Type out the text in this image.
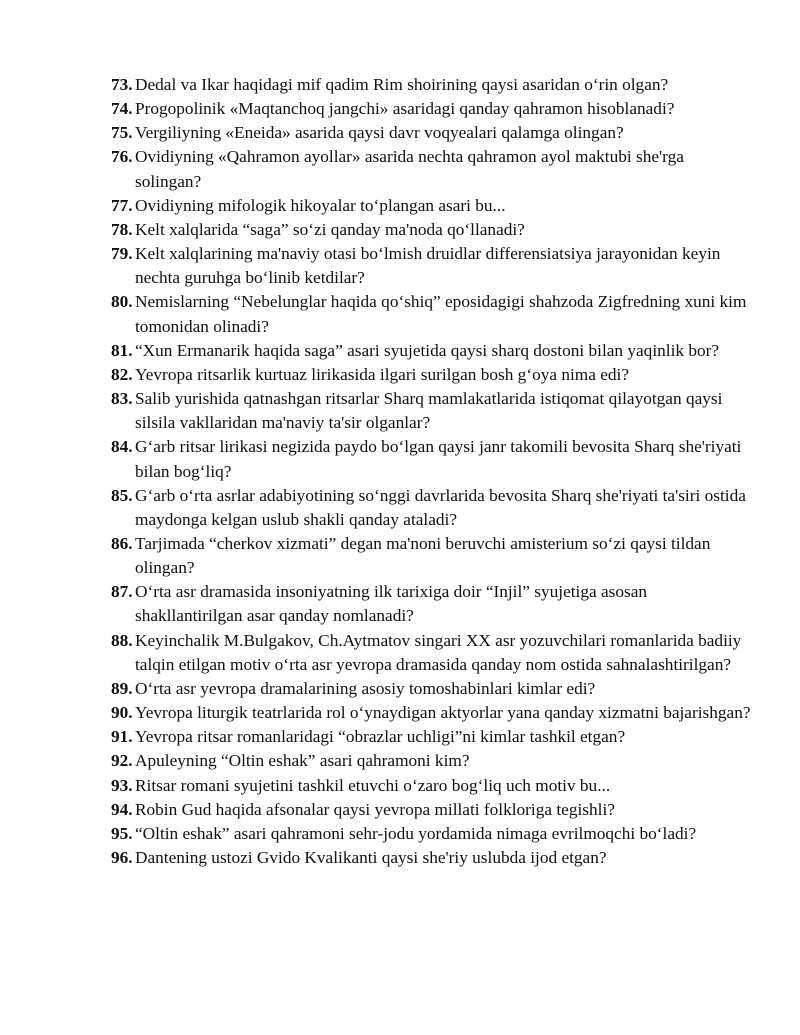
73. Dedal va Ikar haqidagi mif qadim Rim shoirining qaysi asaridan o‘rin olgan?
74. Progopolinik «Maqtanchoq jangchi» asaridagi qanday qahramon hisoblanadi?
75. Vergiliyning «Eneida» asarida qaysi davr voqyealari qalamga olingan?
76. Ovidiyning «Qahramon ayollar» asarida nechta qahramon ayol maktubi she'rga solingan?
77. Ovidiyning mifologik hikoyalar to‘plangan asari bu...
78. Kelt xalqlarida “saga” so‘zi qanday ma'noda qo‘llanadi?
79. Kelt xalqlarining ma'naviy otasi bo‘lmish druidlar differensiatsiya jarayonidan keyin nechta guruhga bo‘linib ketdilar?
80. Nemislarning “Nebelunglar haqida qo‘shiq” eposidagigi shahzoda Zigfredning xuni kim tomonidan olinadi?
81. “Xun Ermanarik haqida saga” asari syujetida qaysi sharq dostoni bilan yaqinlik bor?
82. Yevropa ritsarlik kurtuaz lirikasida ilgari surilgan bosh g‘oya nima edi?
83. Salib yurishida qatnashgan ritsarlar Sharq mamlakatlarida istiqomat qilayotgan qaysi silsila vakllaridan ma'naviy ta'sir olganlar?
84. G‘arb ritsar lirikasi negizida paydo bo‘lgan qaysi janr takomili bevosita Sharq she'riyati bilan bog‘liq?
85. G‘arb o‘rta asrlar adabiyotining so‘nggi davrlarida bevosita Sharq she'riyati ta'siri ostida maydonga kelgan uslub shakli qanday ataladi?
86. Tarjimada “cherkov xizmati” degan ma'noni beruvchi amisterium so‘zi qaysi tildan olingan?
87. O‘rta asr dramasida insoniyatning ilk tarixiga doir “Injil” syujetiga asosan shakllantirilgan asar qanday nomlanadi?
88. Keyinchalik M.Bulgakov, Ch.Aytmatov singari XX asr yozuvchilari romanlarida badiiy talqin etilgan motiv o‘rta asr yevropa dramasida qanday nom ostida sahnalashtirilgan?
89. O‘rta asr yevropa dramalarining asosiy tomoshabinlari kimlar edi?
90. Yevropa liturgik teatrlarida rol o‘ynaydigan aktyorlar yana qanday xizmatni bajarishgan?
91. Yevropa ritsar romanlaridagi “obrazlar uchligi”ni kimlar tashkil etgan?
92. Apuleyning “Oltin eshak” asari qahramoni kim?
93. Ritsar romani syujetini tashkil etuvchi o‘zaro bog‘liq uch motiv bu...
94. Robin Gud haqida afsonalar qaysi yevropa millati folkloriga tegishli?
95. “Oltin eshak” asari qahramoni sehr-jodu yordamida nimaga evrilmoqchi bo‘ladi?
96. Dantening ustozi Gvido Kvalikanti qaysi she'riy uslubda ijod etgan?
